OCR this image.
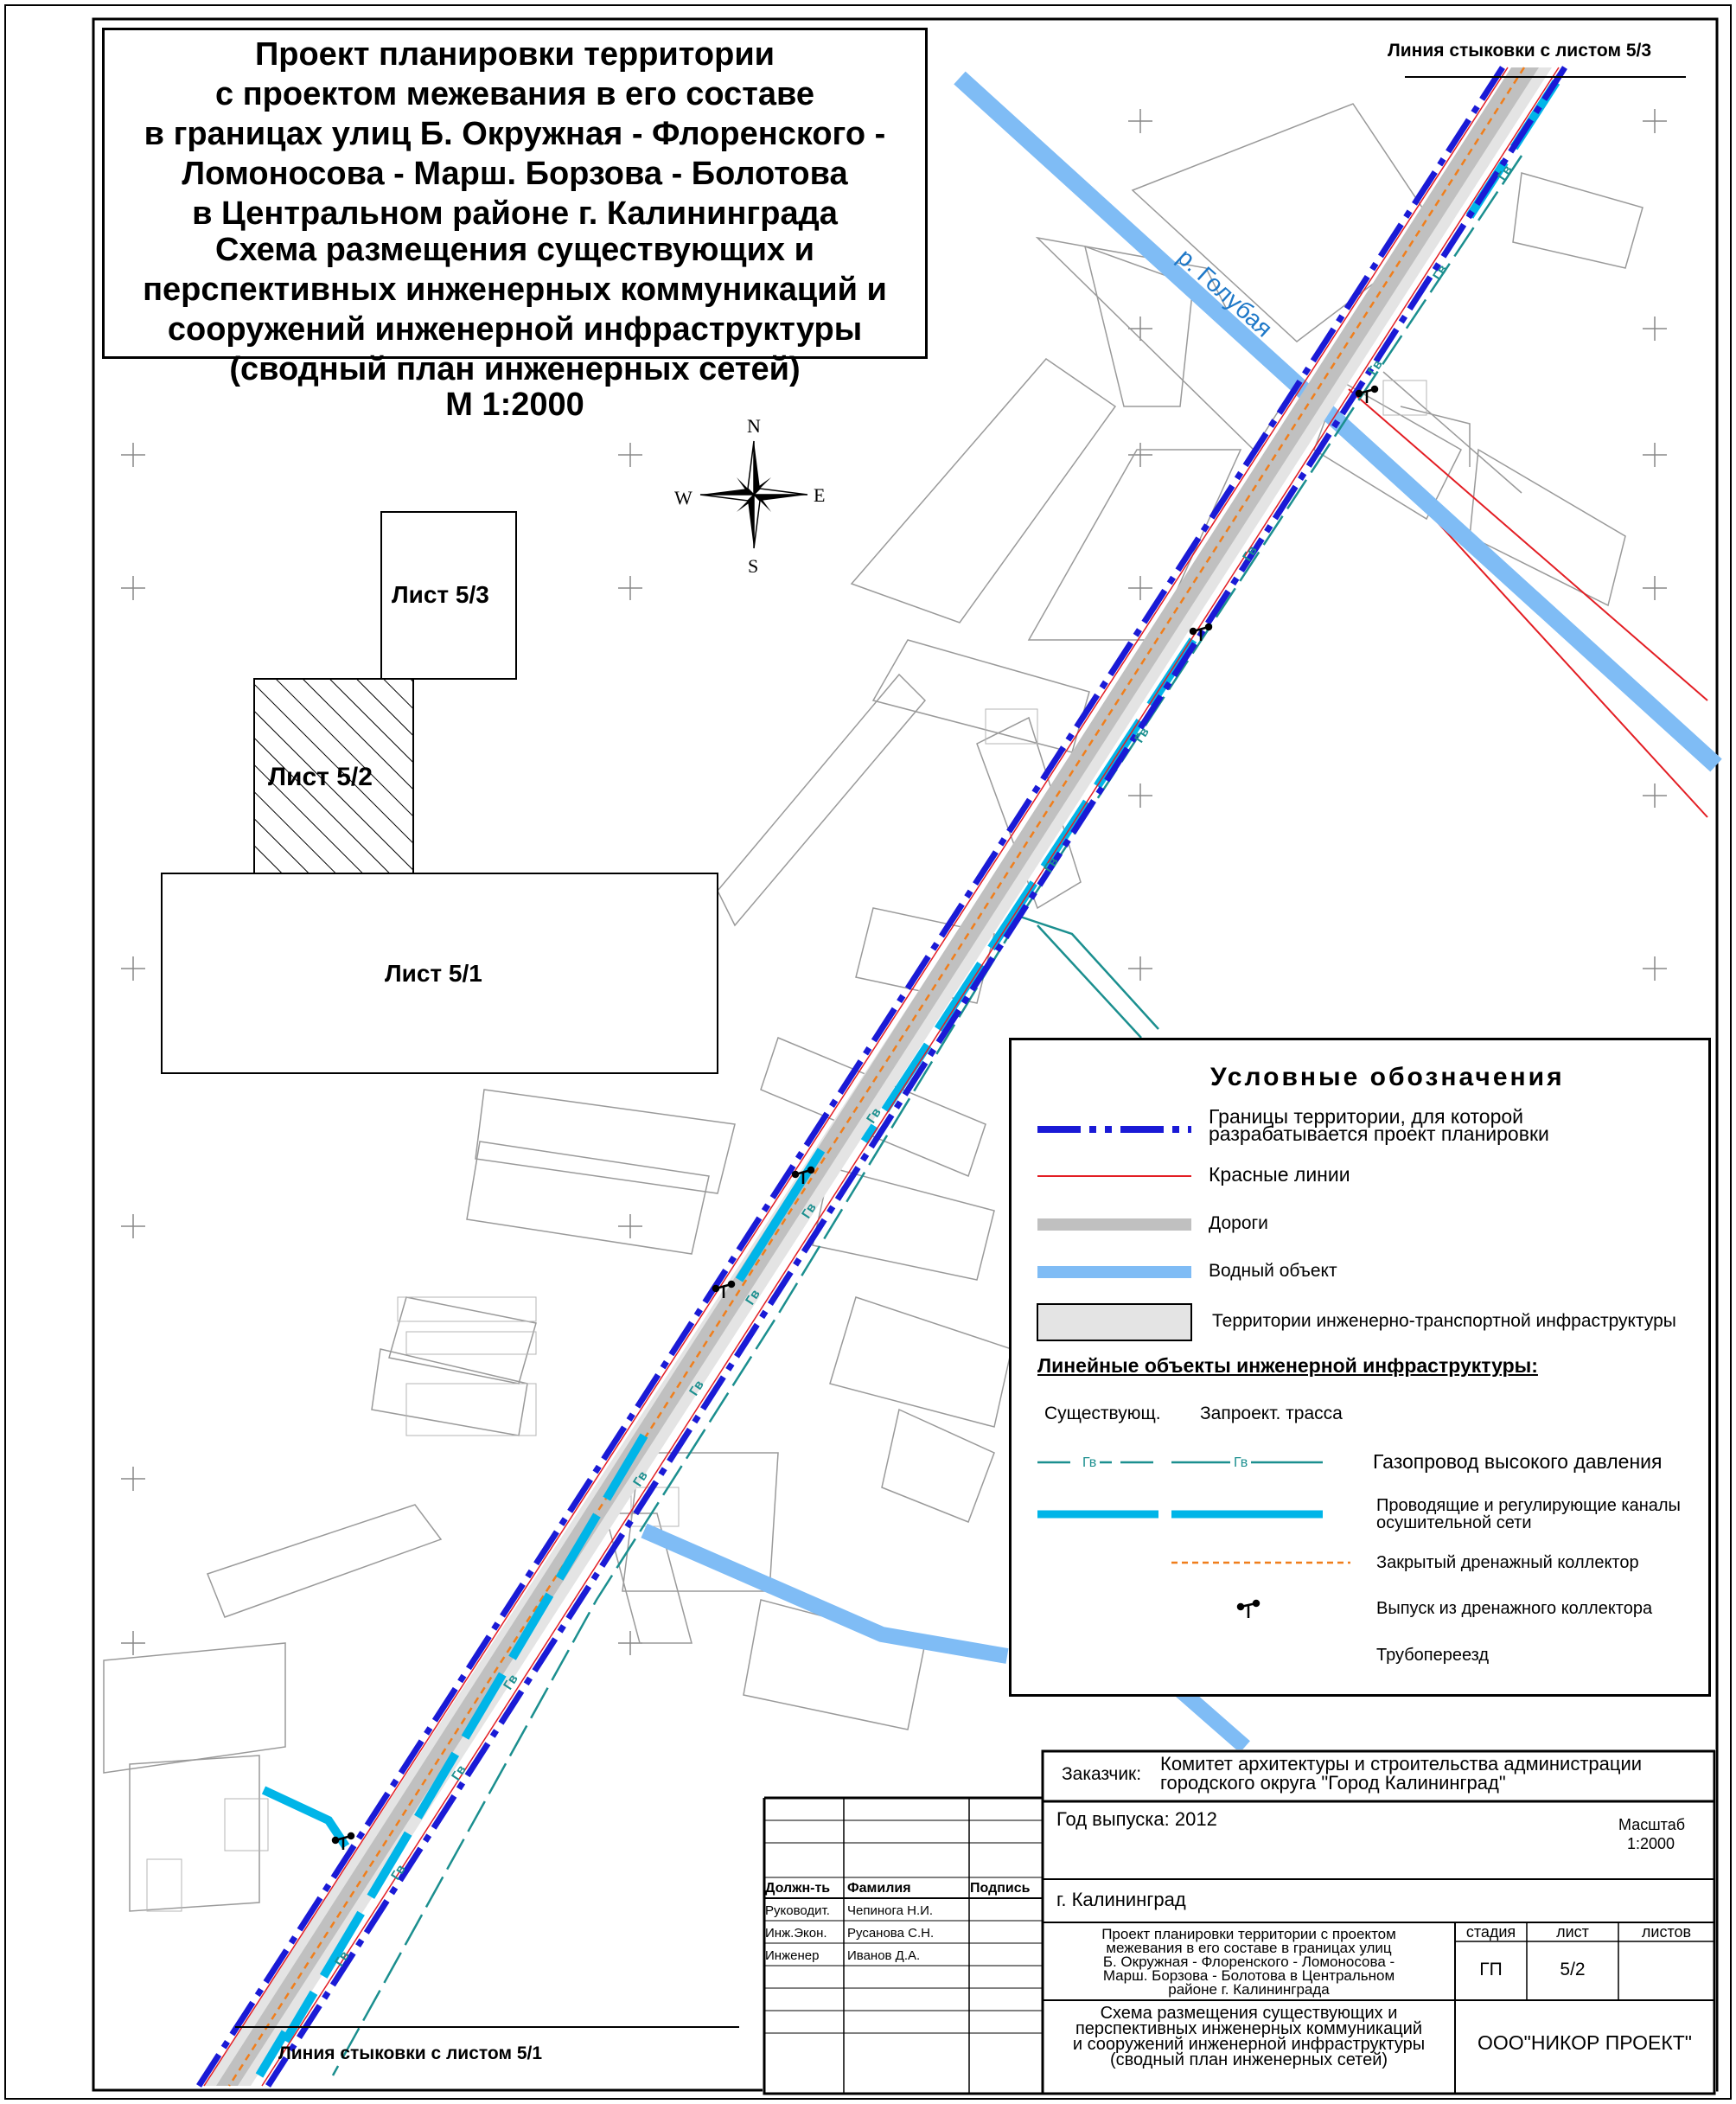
Гв
Гв
Гв
Гв
Гв
Гв
Гв
Гв
Гв
Гв
Гв
Гв
Гв
Гв
Гв
р. Голубая
N
S
E
W
Лист 5/3
Лист 5/2
Лист 5/1
Линия стыковки с листом 5/3
Линия стыковки с листом 5/1
Проект планировки территории
с проектом межевания в его составе
в границах улиц Б. Окружная - Флоренского -
Ломоносова - Марш. Борзова - Болотова
в Центральном районе г. Калининграда
Схема размещения существующих и
перспективных инженерных коммуникаций и
сооружений инженерной инфраструктуры
(сводный план инженерных сетей)
М 1:2000
Условные обозначения
Гв	Гв
Границы территории, для которой
разрабатывается проект планировки
Красные линии
Дороги
Водный объект
Территории инженерно-транспортной инфраструктуры
Линейные объекты инженерной инфраструктуры:
Существующ. Запроект. трасса
Газопровод высокого давления
Проводящие и регулирующие каналы
осушительной сети
Закрытый дренажный коллектор
Выпуск из дренажного коллектора
Трубопереезд
Заказчик: Комитет архитектуры и строительства администрации
городского округа "Город Калининград"
Год выпуска: 2012	Масштаб
1:2000
г. Калининград
Должн-ть Фамилия	Подпись
Руководит. Чепинога Н.И.
Инж.Экон. Русанова С.Н.
Инженер Иванов Д.А.
Проект планировки территории с проектом
межевания в его составе в границах улиц
Б. Окружная - Флоренского - Ломоносова -
Марш. Борзова - Болотова в Центральном
районе г. Калининграда
стадия	лист	листов
ГП	5/2
Схема размещения существующих и
перспективных инженерных коммуникаций
и сооружений инженерной инфраструктуры
(сводный план инженерных сетей)
ООО"НИКОР ПРОЕКТ"
